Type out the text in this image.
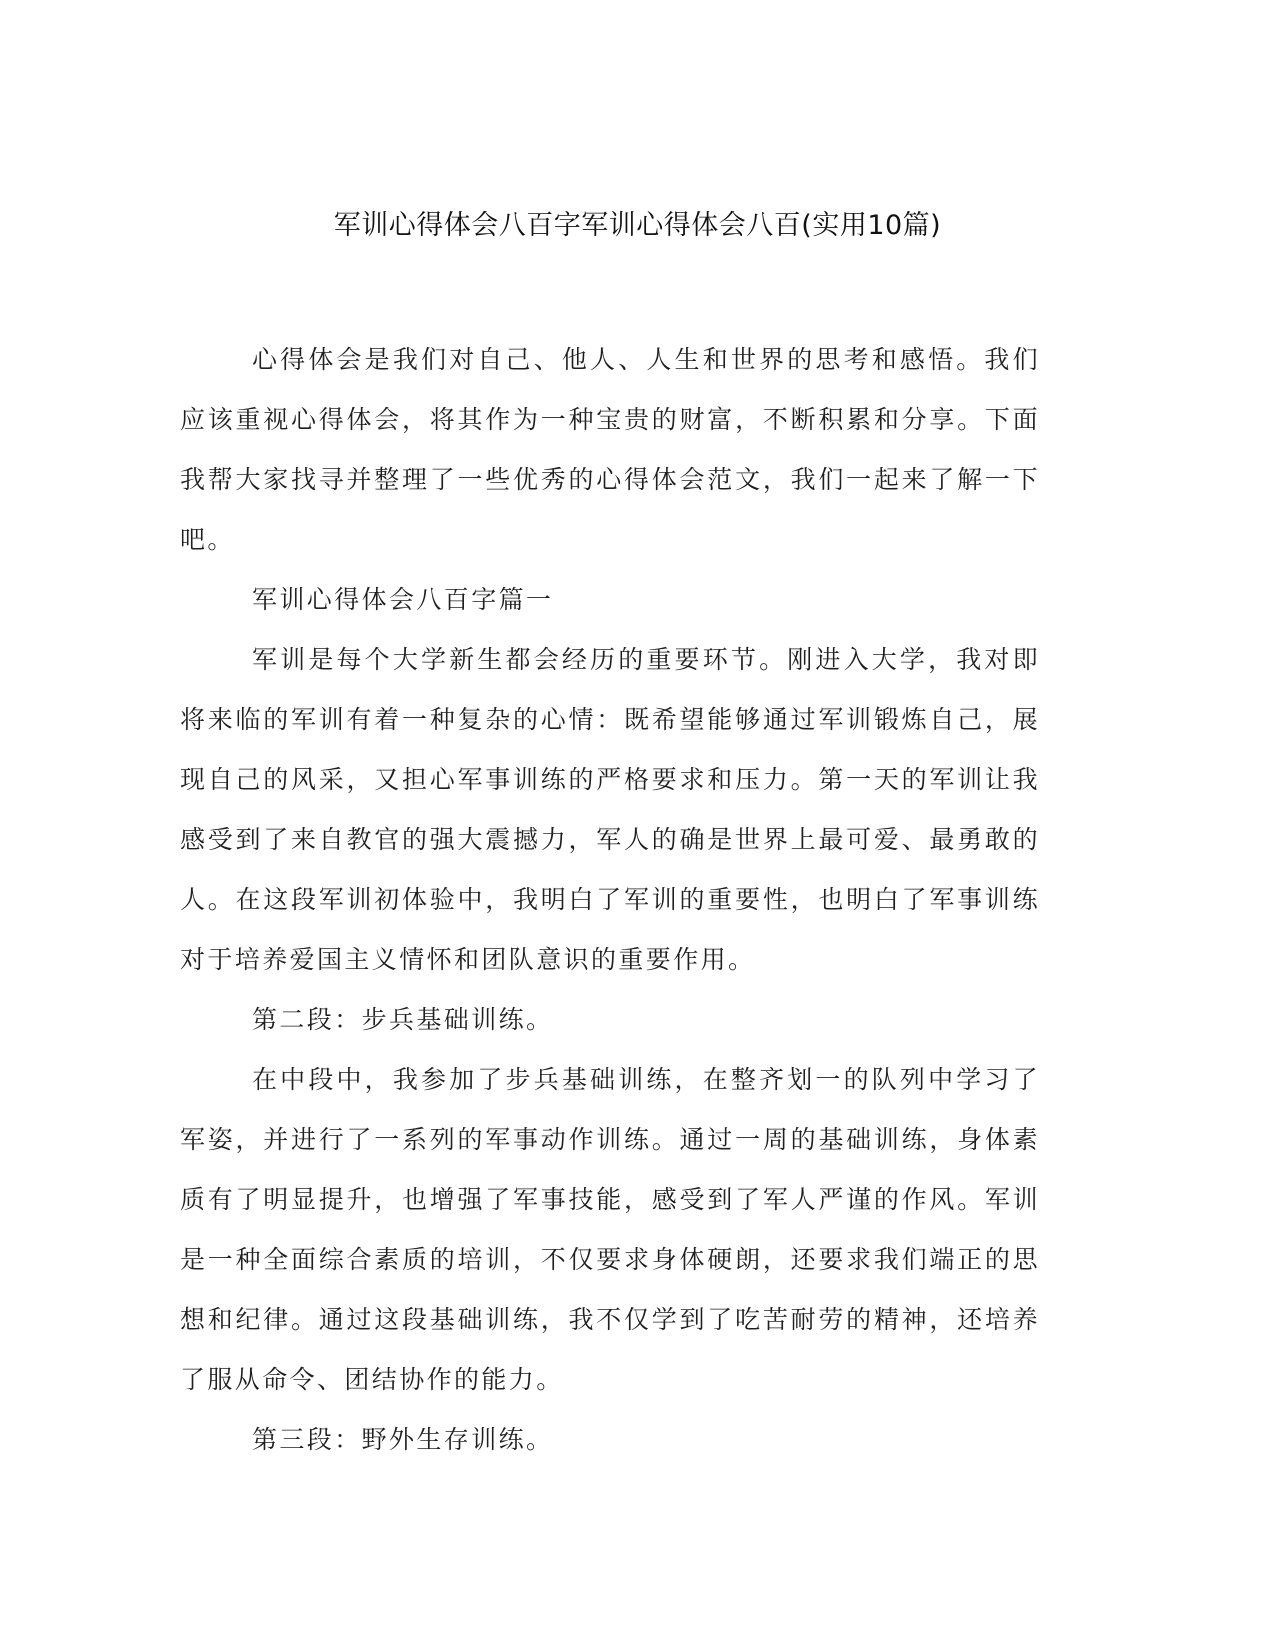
军训心得体会八百字军训心得体会八百(实用10篇)

心得体会是我们对自己、他人、人生和世界的思考和感悟。我们应该重视心得体会，将其作为一种宝贵的财富，不断积累和分享。下面我帮大家找寻并整理了一些优秀的心得体会范文，我们一起来了解一下吧。

军训心得体会八百字篇一

军训是每个大学新生都会经历的重要环节。刚进入大学，我对即将来临的军训有着一种复杂的心情：既希望能够通过军训锻炼自己，展现自己的风采，又担心军事训练的严格要求和压力。第一天的军训让我感受到了来自教官的强大震撼力，军人的确是世界上最可爱、最勇敢的人。在这段军训初体验中，我明白了军训的重要性，也明白了军事训练对于培养爱国主义情怀和团队意识的重要作用。

第二段：步兵基础训练。

在中段中，我参加了步兵基础训练，在整齐划一的队列中学习了军姿，并进行了一系列的军事动作训练。通过一周的基础训练，身体素质有了明显提升，也增强了军事技能，感受到了军人严谨的作风。军训是一种全面综合素质的培训，不仅要求身体硬朗，还要求我们端正的思想和纪律。通过这段基础训练，我不仅学到了吃苦耐劳的精神，还培养了服从命令、团结协作的能力。

第三段：野外生存训练。
